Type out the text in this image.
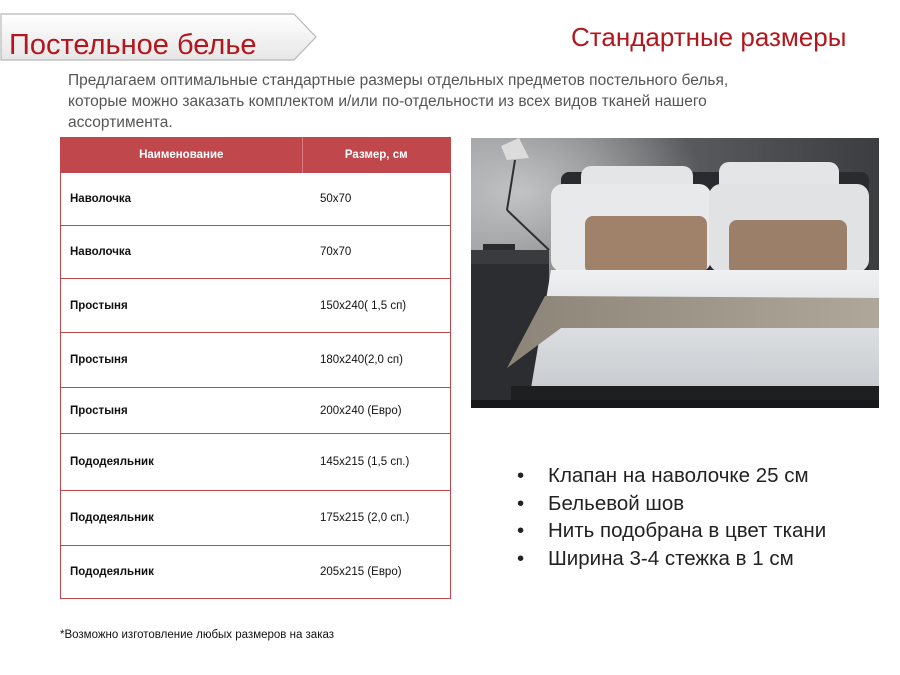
Постельное белье	Стандартные размеры
Предлагаем оптимальные стандартные размеры отдельных предметов постельного белья, которые можно заказать комплектом и/или по-отдельности из всех видов тканей нашего ассортимента.
Наименование	Размер, см
Наволочка	50х70
Наволочка	70х70
Простыня	150х240( 1,5 сп)
Простыня	180х240(2,0 сп)
Простыня	200х240 (Евро)
Пододеяльник	145х215 (1,5 сп.)
Пододеяльник	175х215 (2,0 сп.)
Пододеяльник	205х215 (Евро)
*Возможно изготовление любых размеров на заказ
• Клапан на наволочке 25 см
• Бельевой шов
• Нить подобрана в цвет ткани
• Ширина 3-4 стежка в 1 см
